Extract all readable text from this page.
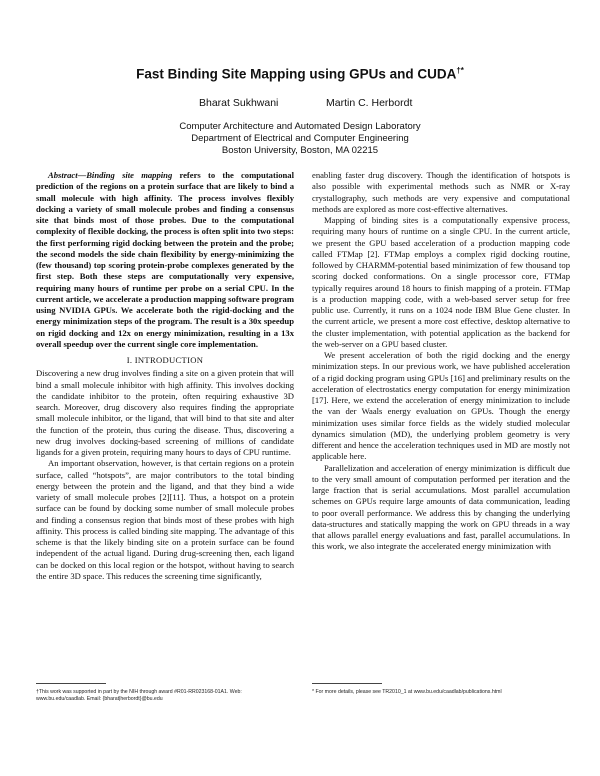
Fast Binding Site Mapping using GPUs and CUDA†*
Bharat Sukhwani	Martin C. Herbordt
Computer Architecture and Automated Design Laboratory
Department of Electrical and Computer Engineering
Boston University, Boston, MA 02215

Abstract—Binding site mapping refers to the computational prediction of the regions on a protein surface that are likely to bind a small molecule with high affinity. The process involves flexibly docking a variety of small molecule probes and finding a consensus site that binds most of those probes. Due to the computational complexity of flexible docking, the process is often split into two steps: the first performing rigid docking between the protein and the probe; the second models the side chain flexibility by energy-minimizing the (few thousand) top scoring protein-probe complexes generated by the first step. Both these steps are computationally very expensive, requiring many hours of runtime per probe on a serial CPU. In the current article, we accelerate a production mapping software program using NVIDIA GPUs. We accelerate both the rigid-docking and the energy minimization steps of the program. The result is a 30x speedup on rigid docking and 12x on energy minimization, resulting in a 13x overall speedup over the current single core implementation.

I. INTRODUCTION

Discovering a new drug involves finding a site on a given protein that will bind a small molecule inhibitor with high affinity. This involves docking the candidate inhibitor to the protein, often requiring exhaustive 3D search. Moreover, drug discovery also requires finding the appropriate small molecule inhibitor, or the ligand, that will bind to that site and alter the function of the protein, thus curing the disease. Thus, discovering a new drug involves docking-based screening of millions of candidate ligands for a given protein, requiring many hours to days of CPU runtime.

An important observation, however, is that certain regions on a protein surface, called “hotspots”, are major contributors to the total binding energy between the protein and the ligand, and that they bind a wide variety of small molecule probes [2][11]. Thus, a hotspot on a protein surface can be found by docking some number of small molecule probes and finding a consensus region that binds most of these probes with high affinity. This process is called binding site mapping. The advantage of this scheme is that the likely binding site on a protein surface can be found independent of the actual ligand. During drug-screening then, each ligand can be docked on this local region or the hotspot, without having to search the entire 3D space. This reduces the screening time significantly,

enabling faster drug discovery. Though the identification of hotspots is also possible with experimental methods such as NMR or X-ray crystallography, such methods are very expensive and computational methods are explored as more cost-effective alternatives.

Mapping of binding sites is a computationally expensive process, requiring many hours of runtime on a single CPU. In the current article, we present the GPU based acceleration of a production mapping code called FTMap [2]. FTMap employs a complex rigid docking routine, followed by CHARMM-potential based minimization of few thousand top scoring docked conformations. On a single processor core, FTMap typically requires around 18 hours to finish mapping of a protein. FTMap is a production mapping code, with a web-based server setup for free public use. Currently, it runs on a 1024 node IBM Blue Gene cluster. In the current article, we present a more cost effective, desktop alternative to the cluster implementation, with potential application as the backend for the web-server on a GPU based cluster.

We present acceleration of both the rigid docking and the energy minimization steps. In our previous work, we have published acceleration of a rigid docking program using GPUs [16] and preliminary results on the acceleration of electrostatics energy computation for energy minimization [17]. Here, we extend the acceleration of energy minimization to include the van der Waals energy evaluation on GPUs. Though the energy minimization uses similar force fields as the widely studied molecular dynamics simulation (MD), the underlying problem geometry is very different and hence the acceleration techniques used in MD are mostly not applicable here.

Parallelization and acceleration of energy minimization is difficult due to the very small amount of computation performed per iteration and the large fraction that is serial accumulations. Most parallel accumulation schemes on GPUs require large amounts of data communication, leading to poor overall performance. We address this by changing the underlying data-structures and statically mapping the work on GPU threads in a way that allows parallel energy evaluations and fast, parallel accumulations. In this work, we also integrate the accelerated energy minimization with

†This work was supported in part by the NIH through award #R01-RR023168-01A1. Web: www.bu.edu/caadlab. Email: {bharat|herbordt}@bu.edu
* For more details, please see TR2010_1 at www.bu.edu/caadlab/publications.html
